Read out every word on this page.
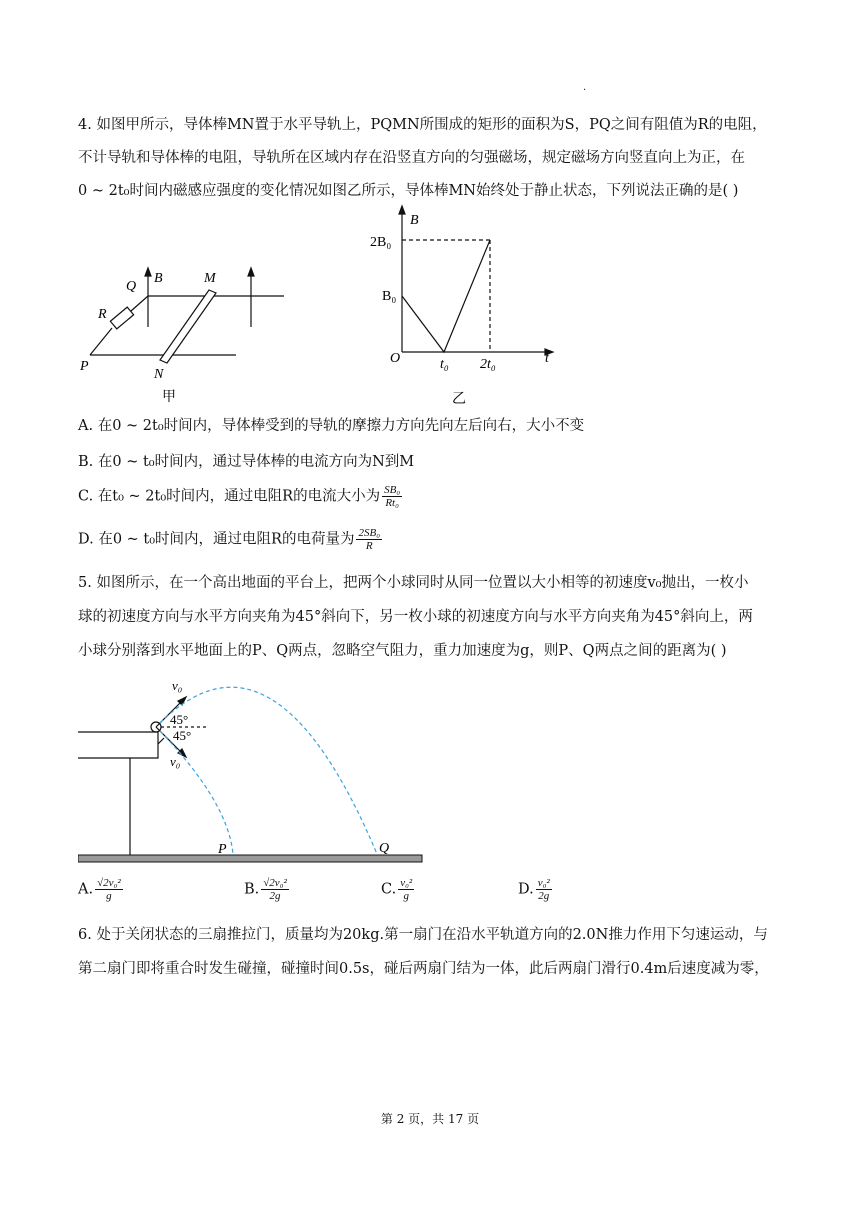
.
4. 如图甲所示，导体棒MN置于水平导轨上，PQMN所围成的矩形的面积为S，PQ之间有阻值为R的电阻，
不计导轨和导体棒的电阻，导轨所在区域内存在沿竖直方向的匀强磁场，规定磁场方向竖直向上为正，在
0 ~ 2t₀时间内磁感应强度的变化情况如图乙所示，导体棒MN始终处于静止状态，下列说法正确的是( )
Q
B	M
R
P
N
甲
B
t
O
2B₀
B₀
t₀ 2t₀
乙
A. 在0 ~ 2t₀时间内，导体棒受到的导轨的摩擦力方向先向左后向右，大小不变
B. 在0 ~ t₀时间内，通过导体棒的电流方向为N到M
C. 在t₀ ~ 2t₀时间内，通过电阻R的电流大小为 $\frac{\text{SB₀}}{\text{Rt₀}}$
D. 在0 ~ t₀时间内，通过电阻R的电荷量为 $\frac{\text{2SB₀}}{R}$
5. 如图所示，在一个高出地面的平台上，把两个小球同时从同一位置以大小相等的初速度v₀抛出，一枚小
球的初速度方向与水平方向夹角为45°斜向下，另一枚小球的初速度方向与水平方向夹角为45°斜向上，两
小球分别落到水平地面上的P、Q两点，忽略空气阻力，重力加速度为g，则P、Q两点之间的距离为( )
v₀
45°
45°
v₀
P	Q
A. $\frac{\text{√2v₀²}}{g}$	B. $\frac{\text{√2v₀²}}{2g}$	C. $\frac{\text{v₀²}}{g}$	D. $\frac{\text{v₀²}}{2g}$
6. 处于关闭状态的三扇推拉门，质量均为20kg.第一扇门在沿水平轨道方向的2.0N推力作用下匀速运动，与
第二扇门即将重合时发生碰撞，碰撞时间0.5s，碰后两扇门结为一体，此后两扇门滑行0.4m后速度减为零，
第 2 页，共 17 页
